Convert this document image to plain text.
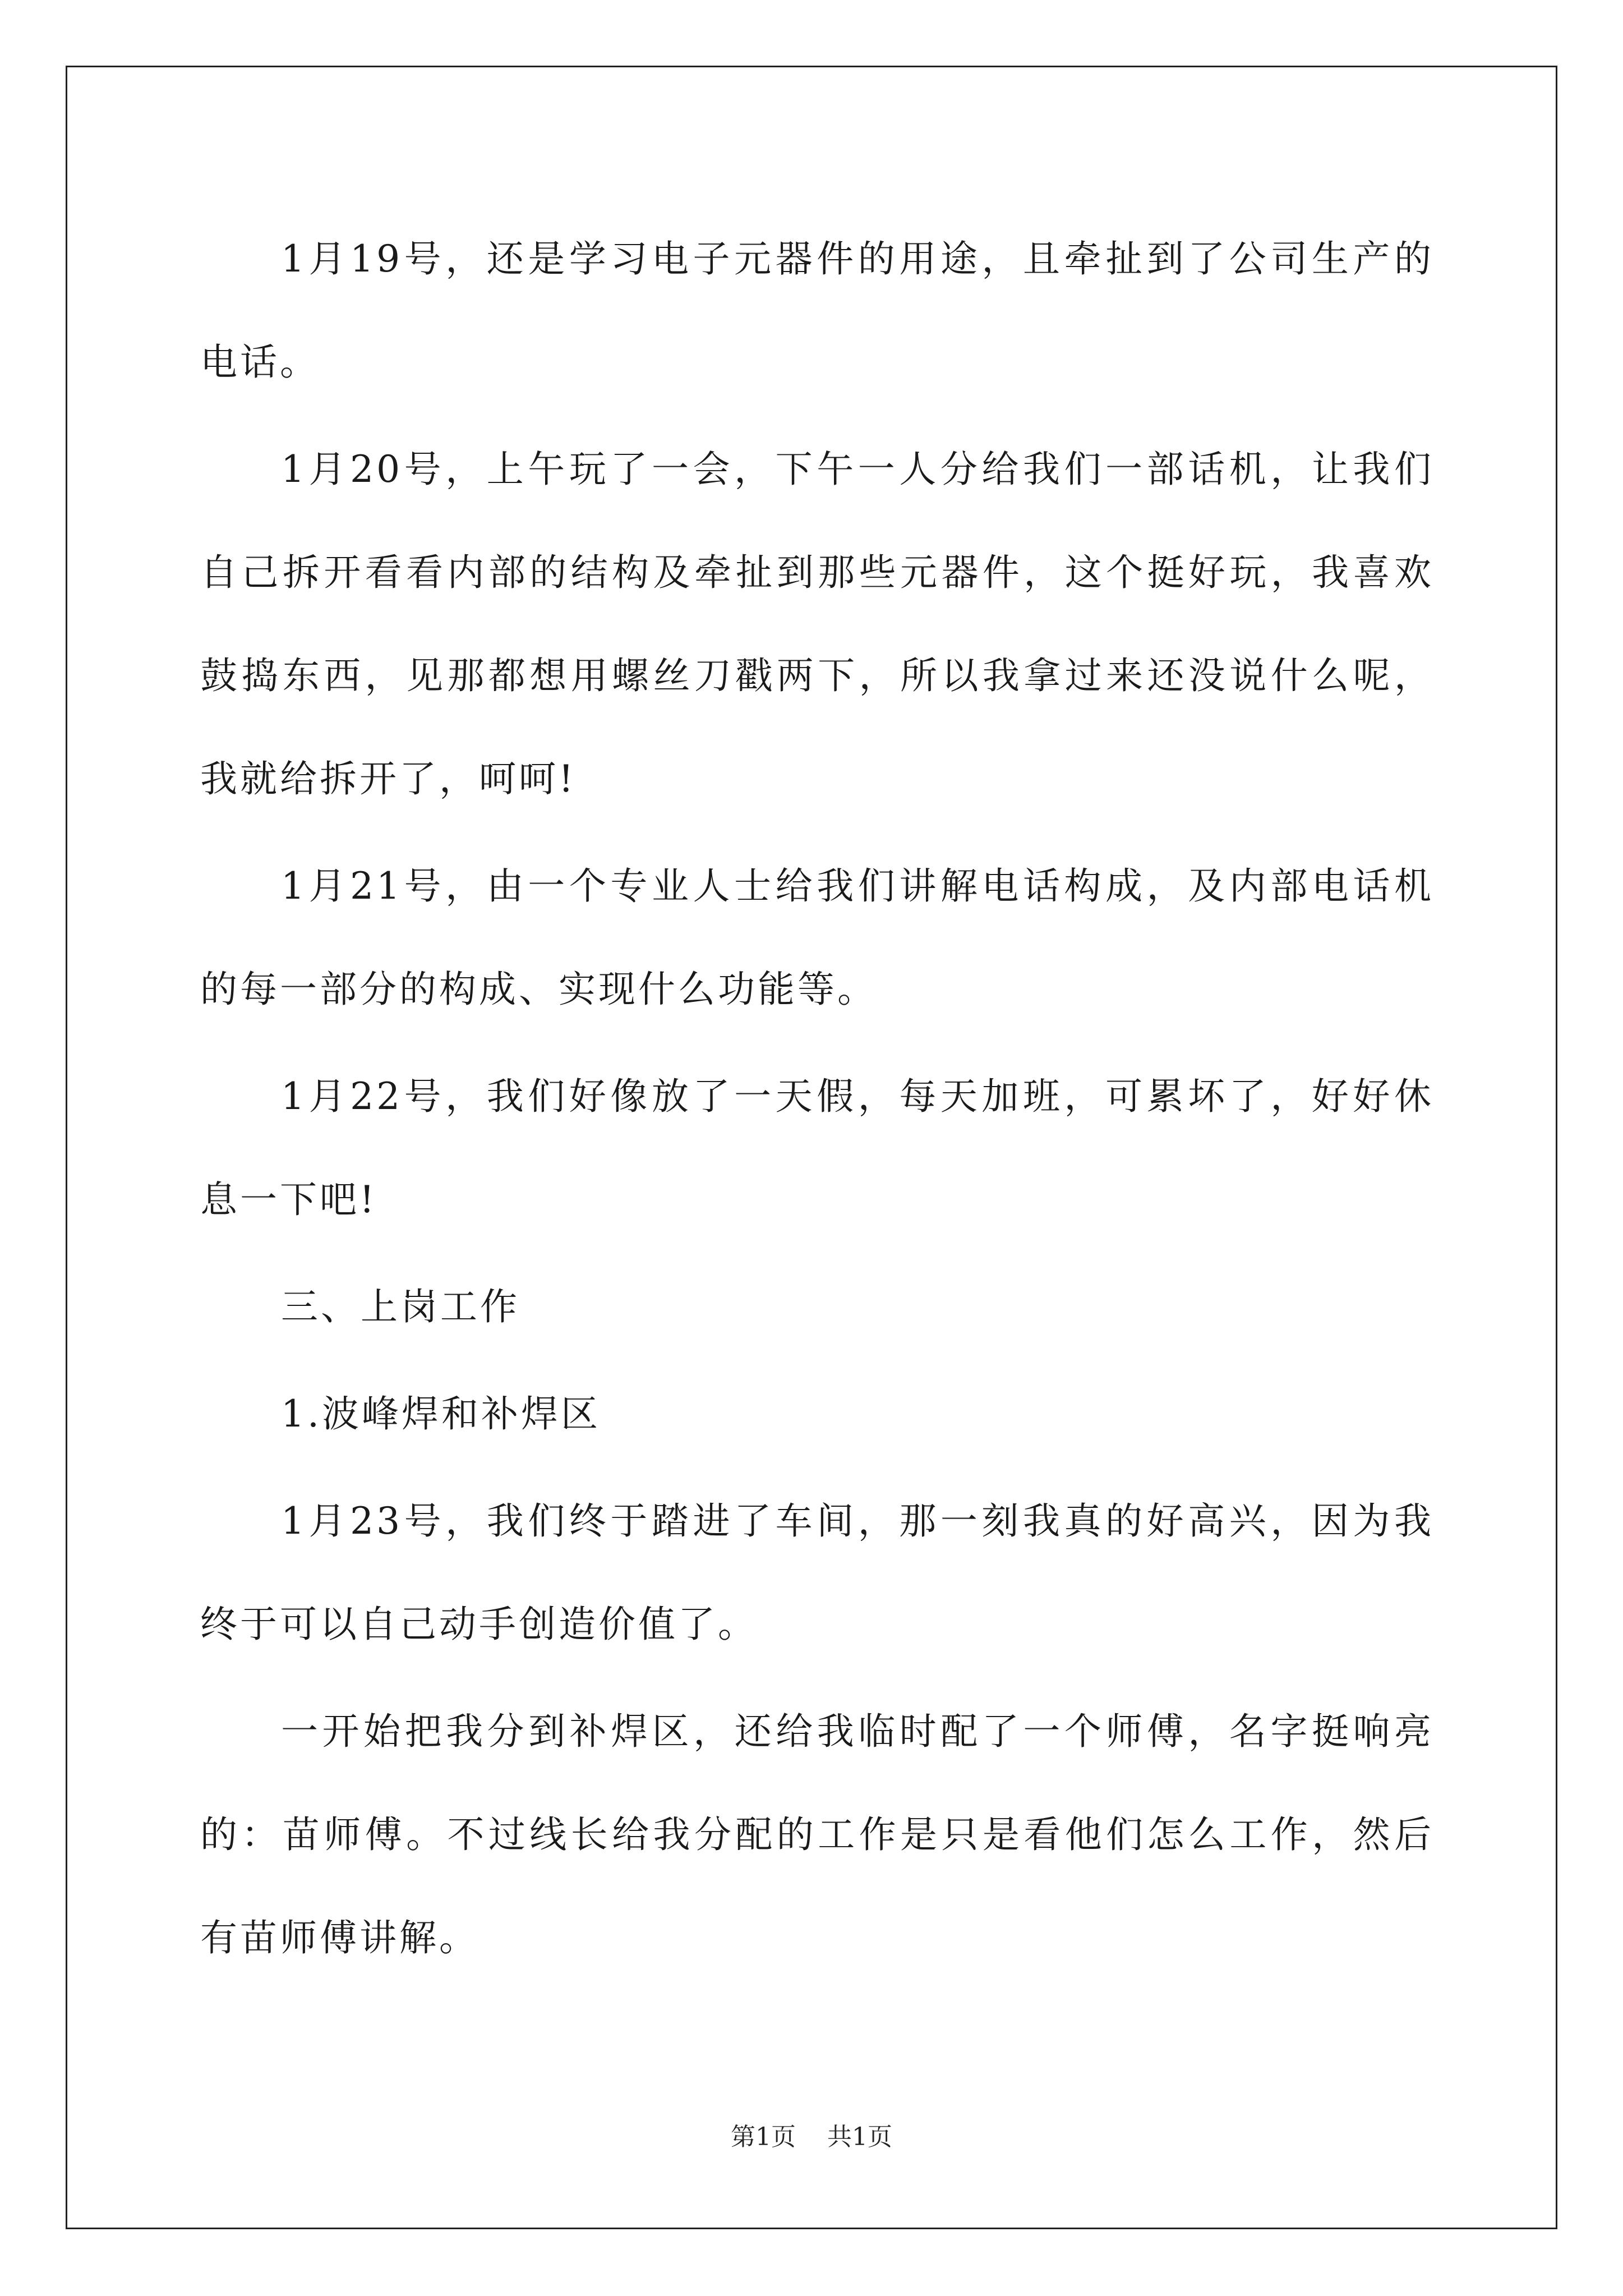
1月19号，还是学习电子元器件的用途，且牵扯到了公司生产的电话。

1月20号，上午玩了一会，下午一人分给我们一部话机，让我们自己拆开看看内部的结构及牵扯到那些元器件，这个挺好玩，我喜欢鼓捣东西，见那都想用螺丝刀戳两下，所以我拿过来还没说什么呢，我就给拆开了，呵呵!

1月21号，由一个专业人士给我们讲解电话构成，及内部电话机的每一部分的构成、实现什么功能等。

1月22号，我们好像放了一天假，每天加班，可累坏了，好好休息一下吧!

三、上岗工作

1.波峰焊和补焊区

1月23号，我们终于踏进了车间，那一刻我真的好高兴，因为我终于可以自己动手创造价值了。

一开始把我分到补焊区，还给我临时配了一个师傅，名字挺响亮的：苗师傅。不过线长给我分配的工作是只是看他们怎么工作，然后有苗师傅讲解。

第1页 共1页
